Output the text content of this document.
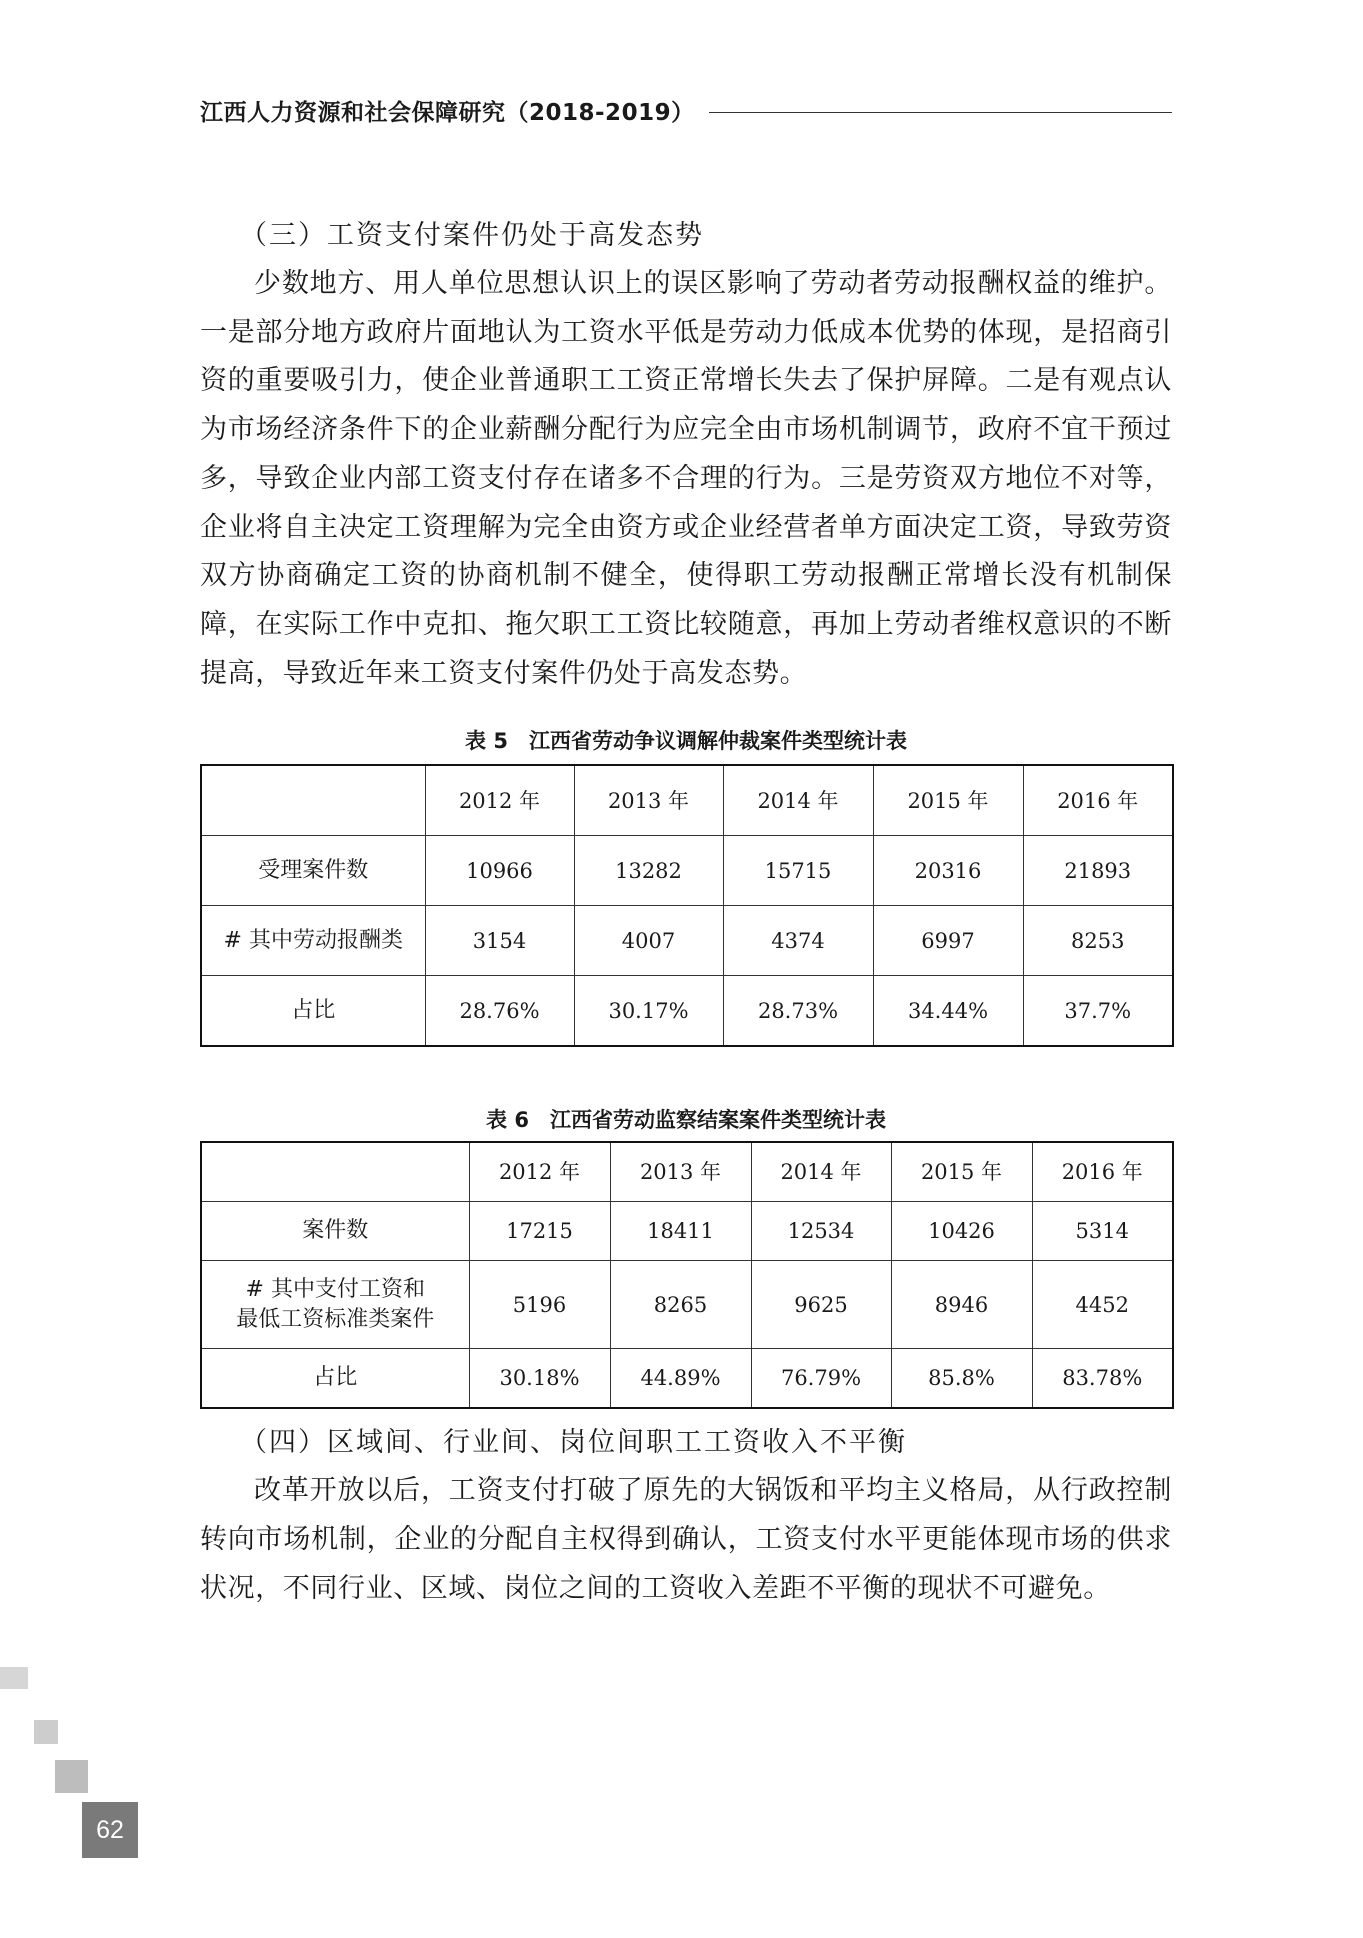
江西人力资源和社会保障研究（2018-2019）
（三）工资支付案件仍处于高发态势

少数地方、用人单位思想认识上的误区影响了劳动者劳动报酬权益的维护。一是部分地方政府片面地认为工资水平低是劳动力低成本优势的体现，是招商引资的重要吸引力，使企业普通职工工资正常增长失去了保护屏障。二是有观点认为市场经济条件下的企业薪酬分配行为应完全由市场机制调节，政府不宜干预过多，导致企业内部工资支付存在诸多不合理的行为。三是劳资双方地位不对等，企业将自主决定工资理解为完全由资方或企业经营者单方面决定工资，导致劳资双方协商确定工资的协商机制不健全，使得职工劳动报酬正常增长没有机制保障，在实际工作中克扣、拖欠职工工资比较随意，再加上劳动者维权意识的不断提高，导致近年来工资支付案件仍处于高发态势。

表 5　江西省劳动争议调解仲裁案件类型统计表
	2012 年	2013 年	2014 年	2015 年	2016 年
受理案件数	10966	13282	15715	20316	21893
# 其中劳动报酬类	3154	4007	4374	6997	8253
占比	28.76%	30.17%	28.73%	34.44%	37.7%
表 6　江西省劳动监察结案案件类型统计表
	2012 年	2013 年	2014 年	2015 年	2016 年
案件数	17215	18411	12534	10426	5314

# 其中支付工资和
最低工资标准类案件	5196	8265	9625	8946	4452
占比	30.18%	44.89%	76.79%	85.8%	83.78%
（四）区域间、行业间、岗位间职工工资收入不平衡

改革开放以后，工资支付打破了原先的大锅饭和平均主义格局，从行政控制转向市场机制，企业的分配自主权得到确认，工资支付水平更能体现市场的供求状况，不同行业、区域、岗位之间的工资收入差距不平衡的现状不可避免。

62
